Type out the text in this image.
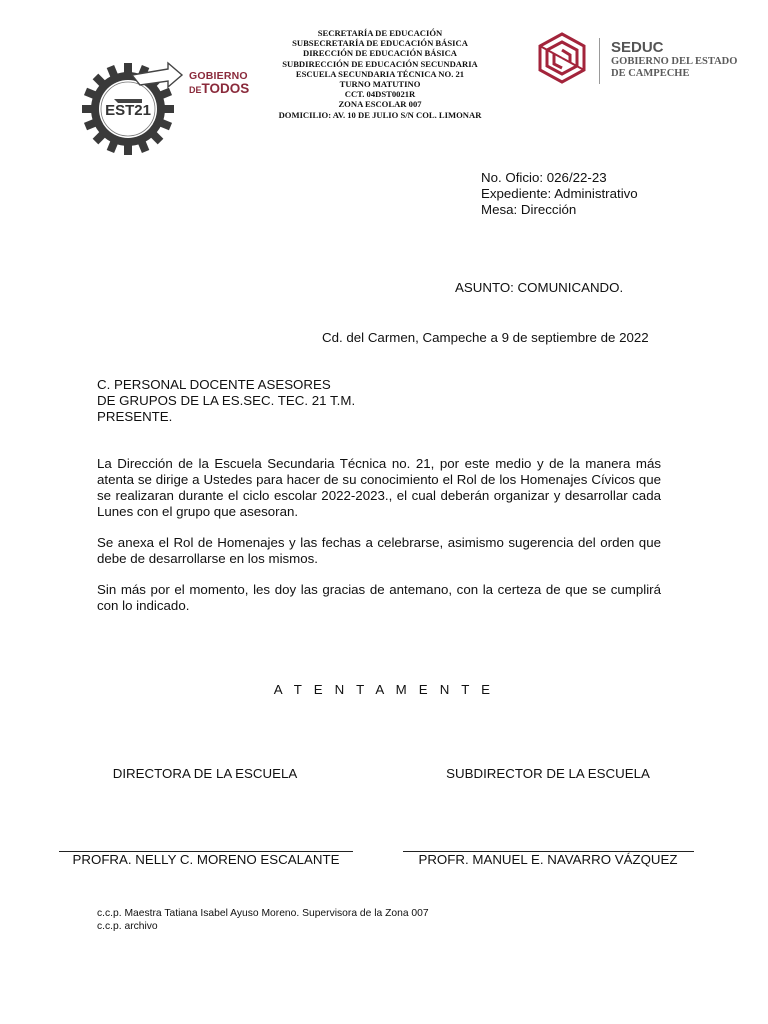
EST21
GOBIERNO
DETODOS
SECRETARÍA DE EDUCACIÓN
SUBSECRETARÍA DE EDUCACIÓN BÁSICA
DIRECCIÓN DE EDUCACIÓN BÁSICA
SUBDIRECCIÓN DE EDUCACIÓN SECUNDARIA
ESCUELA SECUNDARIA TÉCNICA NO. 21
TURNO MATUTINO
CCT. 04DST0021R
ZONA ESCOLAR 007
DOMICILIO: AV. 10 DE JULIO S/N COL. LIMONAR
SEDUC
GOBIERNO DEL ESTADO
DE CAMPECHE
No. Oficio: 026/22-23
Expediente: Administrativo
Mesa: Dirección
ASUNTO: COMUNICANDO.
Cd. del Carmen, Campeche a 9 de septiembre de 2022
C. PERSONAL DOCENTE ASESORES
DE GRUPOS DE LA ES.SEC. TEC. 21 T.M.
PRESENTE.
La Dirección de la Escuela Secundaria Técnica no. 21, por este medio y de la manera más atenta se dirige a Ustedes para hacer de su conocimiento el Rol de los Homenajes Cívicos que se realizaran durante el ciclo escolar 2022-2023., el cual deberán organizar y desarrollar cada Lunes con el grupo que asesoran.
Se anexa el Rol de Homenajes y las fechas a celebrarse, asimismo sugerencia del orden que debe de desarrollarse en los mismos.
Sin más por el momento, les doy las gracias de antemano, con la certeza de que se cumplirá con lo indicado.
A T E N T A M E N T E
DIRECTORA DE LA ESCUELA	SUBDIRECTOR DE LA ESCUELA
PROFRA. NELLY C. MORENO ESCALANTE	PROFR. MANUEL E. NAVARRO VÁZQUEZ
c.c.p. Maestra Tatiana Isabel Ayuso Moreno. Supervisora de la Zona 007
c.c.p. archivo
